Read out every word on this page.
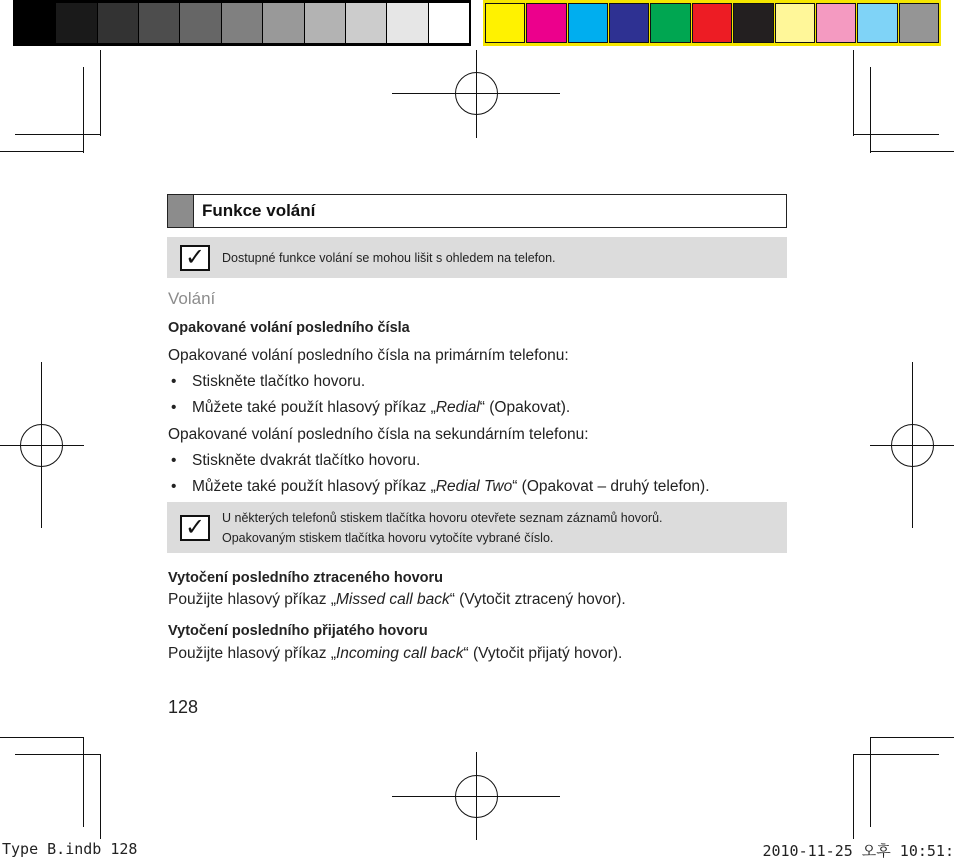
Funkce volání
✓	Dostupné funkce volání se mohou lišit s ohledem na telefon.
Volání
Opakované volání posledního čísla
Opakované volání posledního čísla na primárním telefonu:
• Stiskněte tlačítko hovoru.
• Můžete také použít hlasový příkaz „Redial“ (Opakovat).
Opakované volání posledního čísla na sekundárním telefonu:
• Stiskněte dvakrát tlačítko hovoru.
• Můžete také použít hlasový příkaz „Redial Two“ (Opakovat – druhý telefon).
✓	U některých telefonů stiskem tlačítka hovoru otevřete seznam záznamů hovorů.
Opakovaným stiskem tlačítka hovoru vytočíte vybrané číslo.
Vytočení posledního ztraceného hovoru
Použijte hlasový příkaz „Missed call back“ (Vytočit ztracený hovor).
Vytočení posledního přijatého hovoru
Použijte hlasový příkaz „Incoming call back“ (Vytočit přijatý hovor).
128
Type B.indb 128	2010-11-25 오후 10:51:
